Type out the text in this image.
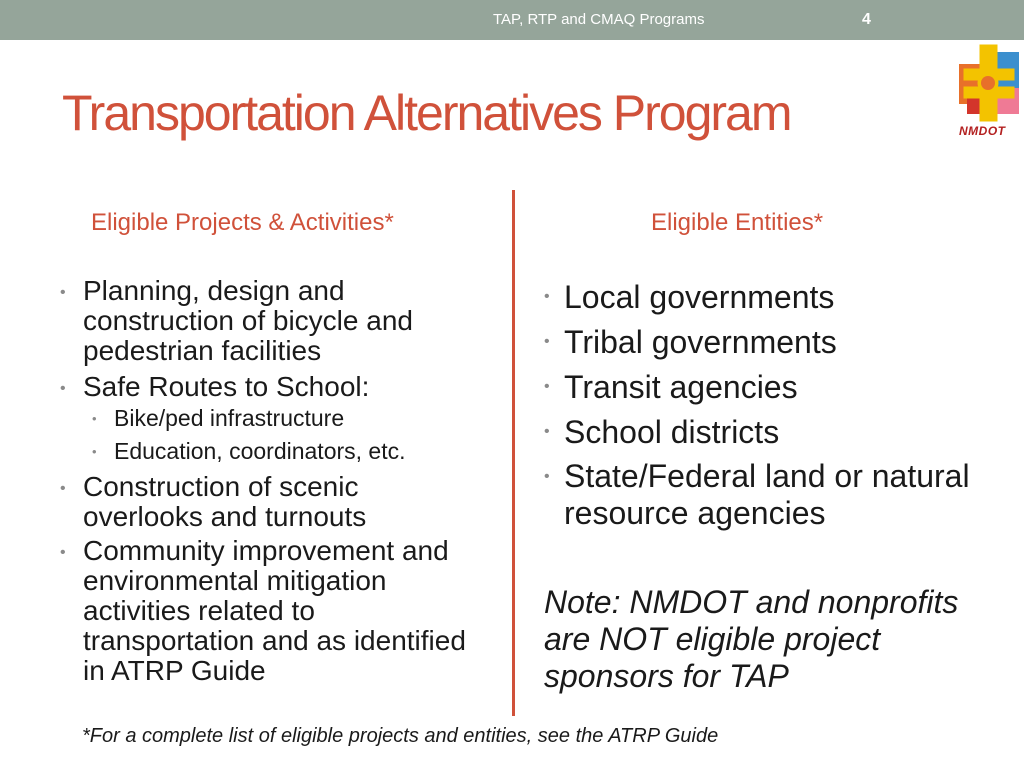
TAP, RTP and CMAQ Programs	4
NMDOT
Transportation Alternatives Program
Eligible Projects & Activities*	Eligible Entities*
• Planning, design and construction of bicycle and pedestrian facilities
• Safe Routes to School:
• Bike/ped infrastructure
• Education, coordinators, etc.
• Construction of scenic overlooks and turnouts
• Community improvement and environmental mitigation activities related to transportation and as identified in ATRP Guide
• Local governments
• Tribal governments
• Transit agencies
• School districts
• State/Federal land or natural resource agencies
Note: NMDOT and nonprofits are NOT eligible project sponsors for TAP
*For a complete list of eligible projects and entities, see the ATRP Guide
